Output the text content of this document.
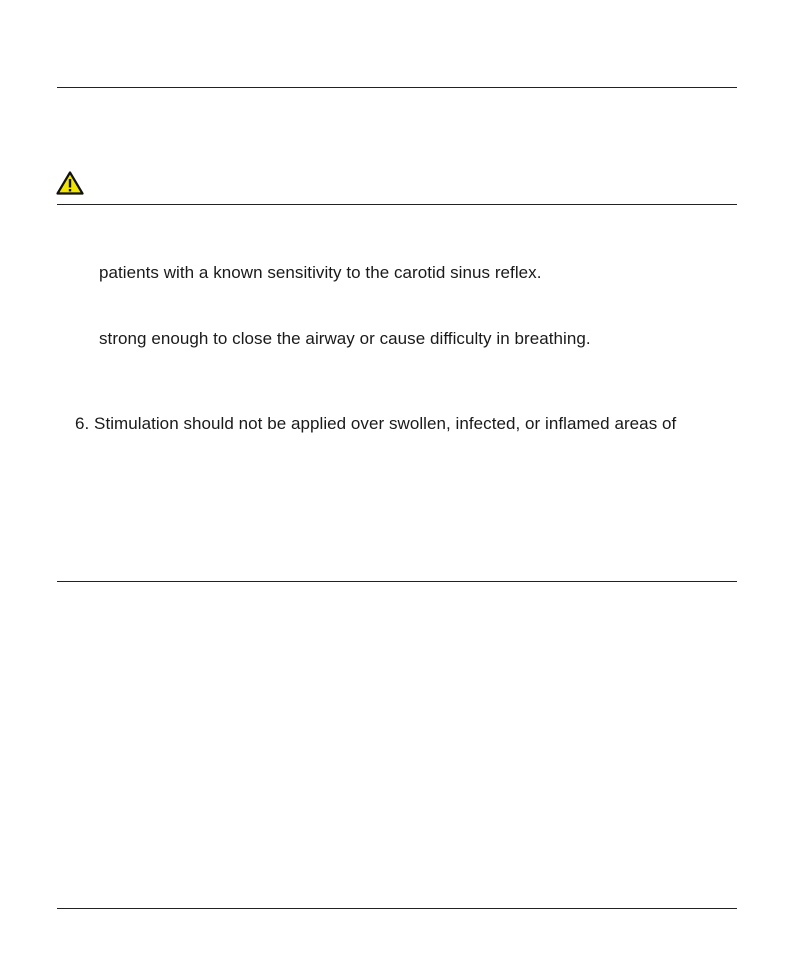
patients with a known sensitivity to the carotid sinus reflex.
strong enough to close the airway or cause difficulty in breathing.
6. Stimulation should not be applied over swollen, infected, or inflamed areas of
